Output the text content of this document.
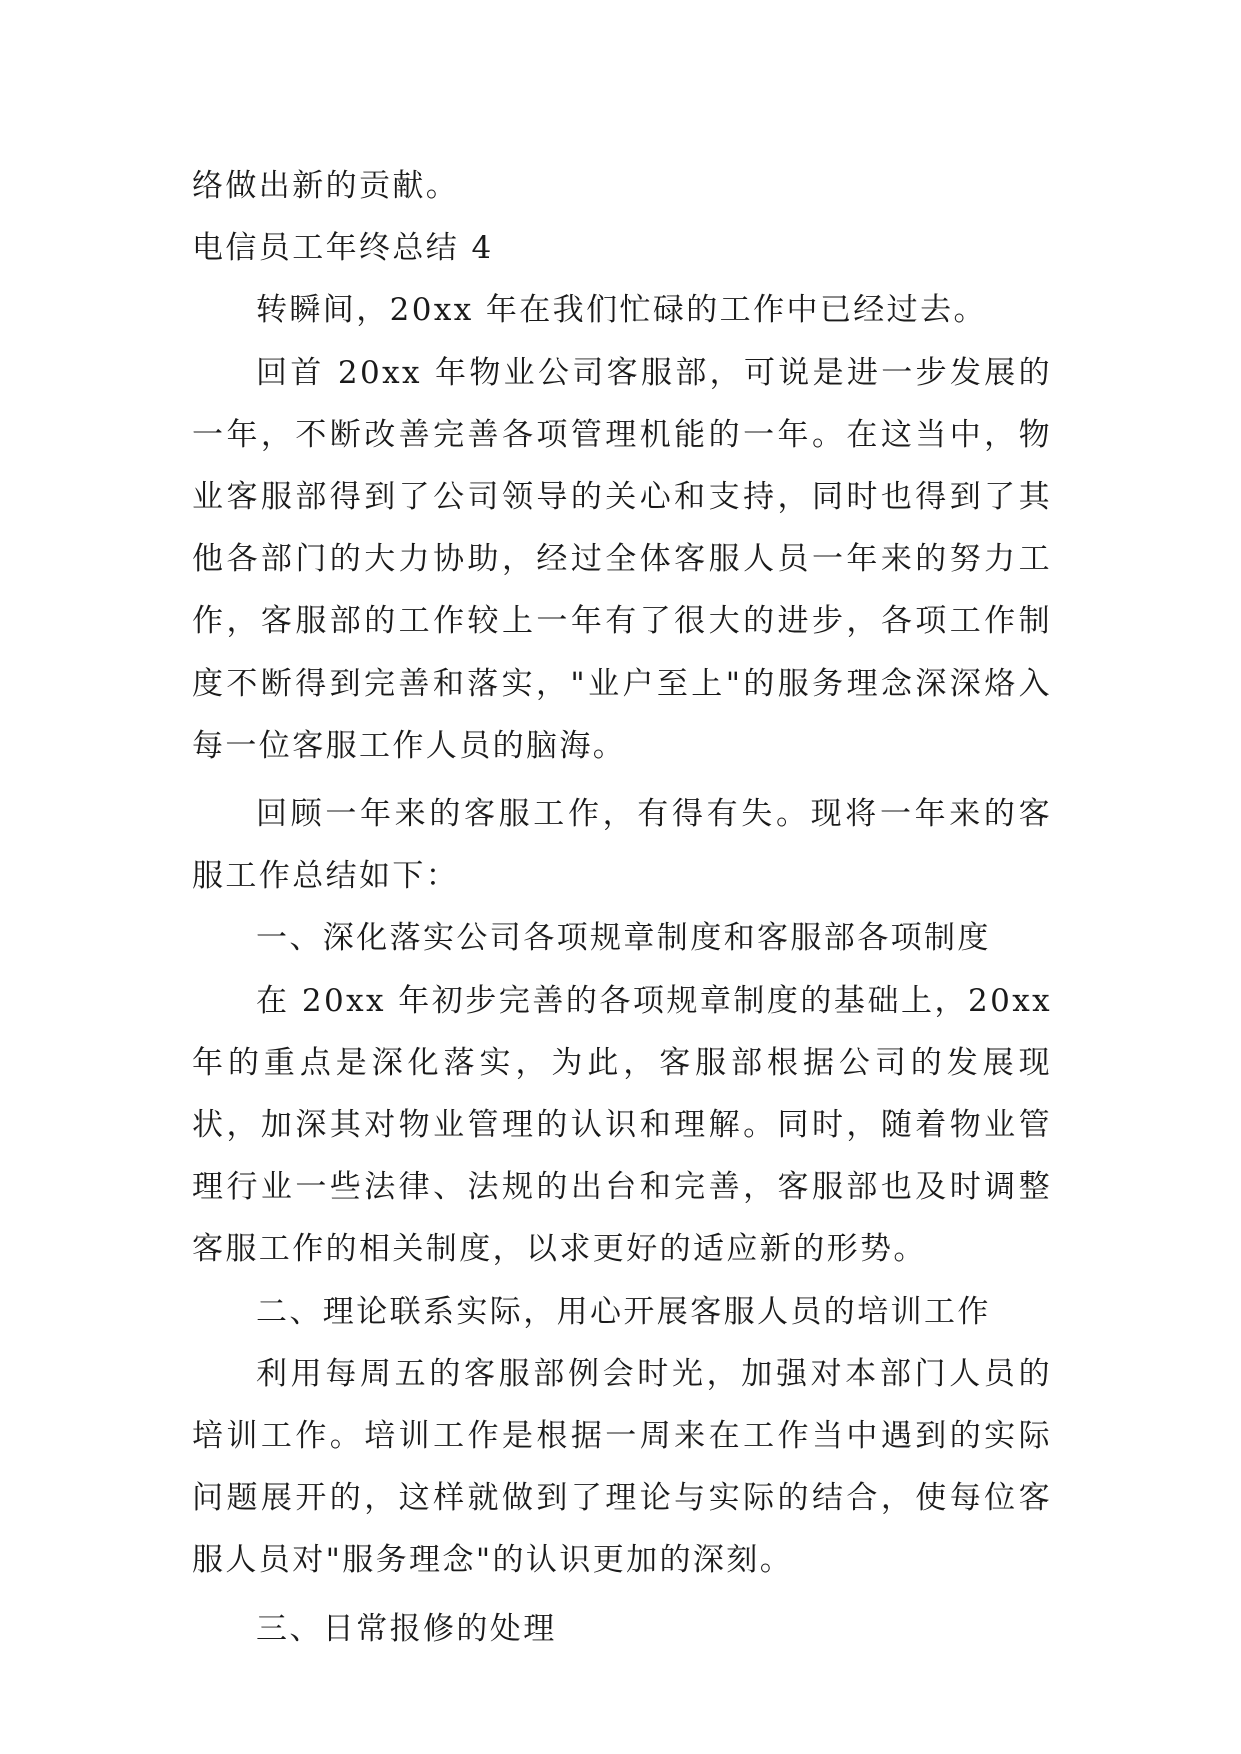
络做出新的贡献。

电信员工年终总结 4

转瞬间，20xx 年在我们忙碌的工作中已经过去。

回首 20xx 年物业公司客服部，可说是进一步发展的一年，不断改善完善各项管理机能的一年。在这当中，物业客服部得到了公司领导的关心和支持，同时也得到了其他各部门的大力协助，经过全体客服人员一年来的努力工作，客服部的工作较上一年有了很大的进步，各项工作制度不断得到完善和落实，"业户至上"的服务理念深深烙入每一位客服工作人员的脑海。

回顾一年来的客服工作，有得有失。现将一年来的客服工作总结如下：

一、深化落实公司各项规章制度和客服部各项制度

在 20xx 年初步完善的各项规章制度的基础上，20xx 年的重点是深化落实，为此，客服部根据公司的发展现状，加深其对物业管理的认识和理解。同时，随着物业管理行业一些法律、法规的出台和完善，客服部也及时调整客服工作的相关制度，以求更好的适应新的形势。

二、理论联系实际，用心开展客服人员的培训工作

利用每周五的客服部例会时光，加强对本部门人员的培训工作。培训工作是根据一周来在工作当中遇到的实际问题展开的，这样就做到了理论与实际的结合，使每位客服人员对"服务理念"的认识更加的深刻。

三、日常报修的处理
